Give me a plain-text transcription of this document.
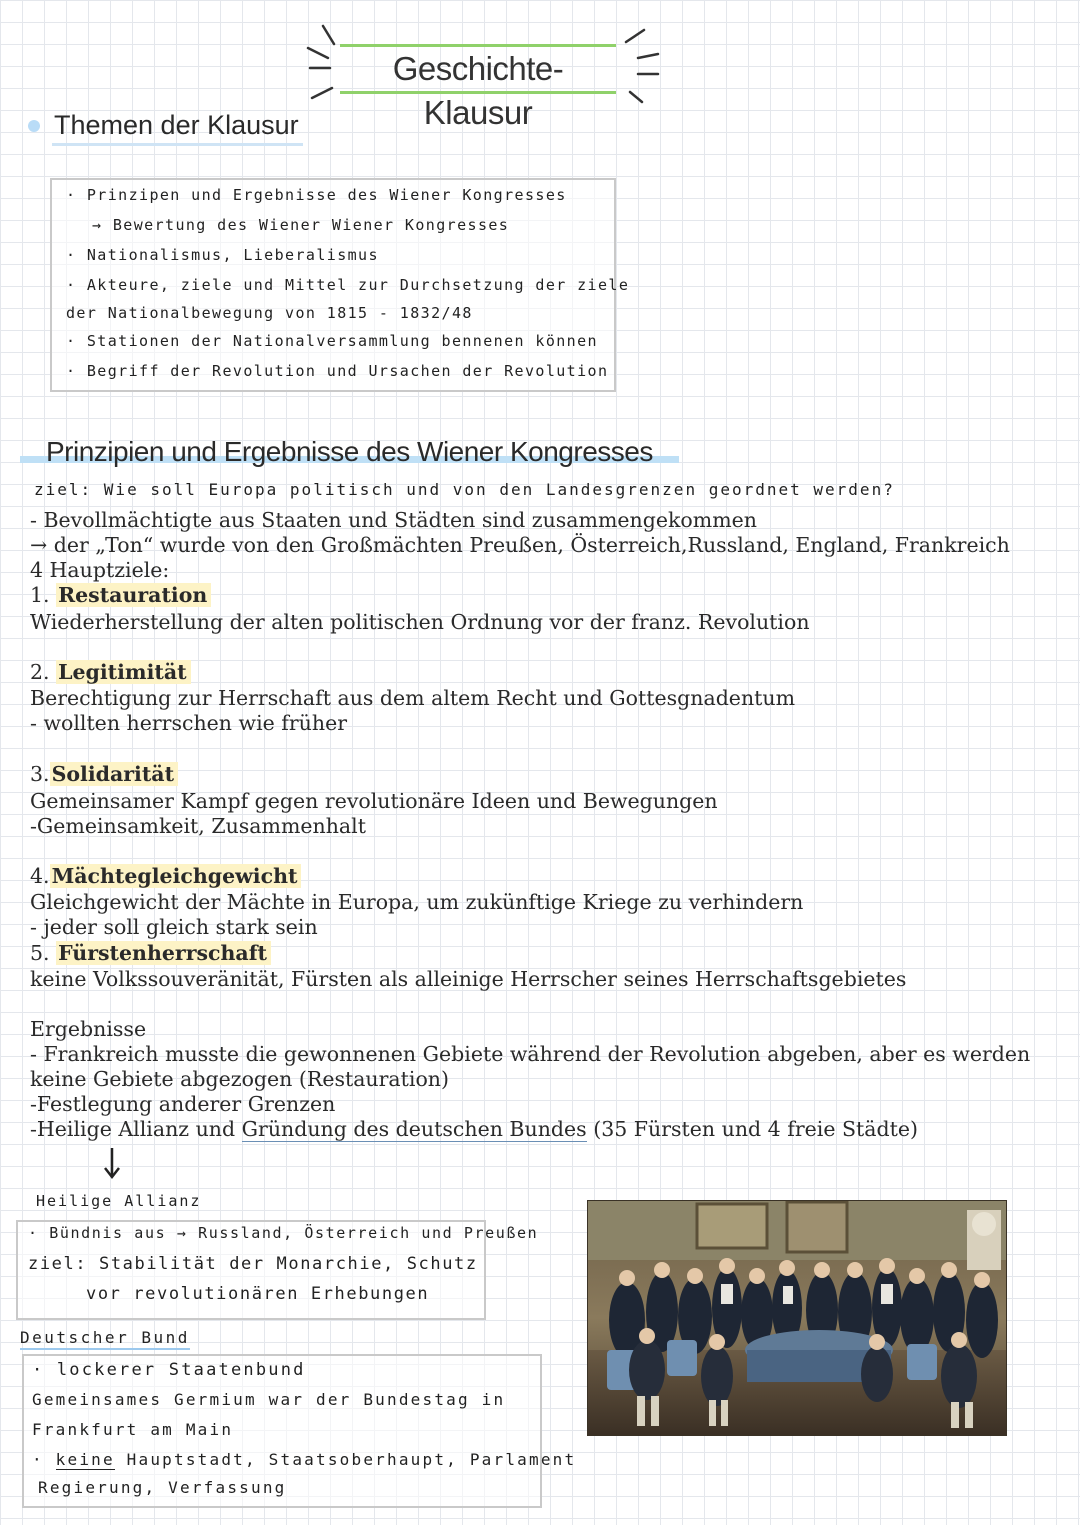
Geschichte-Klausur
Themen der Klausur
· Prinzipen und Ergebnisse des Wiener Kongresses
→ Bewertung des Wiener Wiener Kongresses
· Nationalismus, Lieberalismus
· Akteure, ziele und Mittel zur Durchsetzung der ziele
der Nationalbewegung von 1815 - 1832/48
· Stationen der Nationalversammlung bennenen können
· Begriff der Revolution und Ursachen der Revolution
Prinzipien und Ergebnisse des Wiener Kongresses
ziel: Wie soll Europa politisch und von den Landesgrenzen geordnet werden?
- Bevollmächtigte aus Staaten und Städten sind zusammengekommen
→ der „Ton“ wurde von den Großmächten Preußen, Österreich,Russland, England, Frankreich
4 Hauptziele:
1. Restauration
Wiederherstellung der alten politischen Ordnung vor der franz. Revolution
2. Legitimität
Berechtigung zur Herrschaft aus dem altem Recht und Gottesgnadentum
- wollten herrschen wie früher
3.Solidarität
Gemeinsamer Kampf gegen revolutionäre Ideen und Bewegungen
-Gemeinsamkeit, Zusammenhalt
4.Mächtegleichgewicht
Gleichgewicht der Mächte in Europa, um zukünftige Kriege zu verhindern
- jeder soll gleich stark sein
5. Fürstenherrschaft
keine Volkssouveränität, Fürsten als alleinige Herrscher seines Herrschaftsgebietes
Ergebnisse
- Frankreich musste die gewonnenen Gebiete während der Revolution abgeben, aber es werden
keine Gebiete abgezogen (Restauration)
-Festlegung anderer Grenzen
-Heilige Allianz und Gründung des deutschen Bundes (35 Fürsten und 4 freie Städte)
Heilige Allianz
· Bündnis aus → Russland, Österreich und Preußen
ziel: Stabilität der Monarchie, Schutz
vor revolutionären Erhebungen
Deutscher Bund
· lockerer Staatenbund
Gemeinsames Germium war der Bundestag in
Frankfurt am Main
· keine Hauptstadt, Staatsoberhaupt, Parlament
Regierung, Verfassung
